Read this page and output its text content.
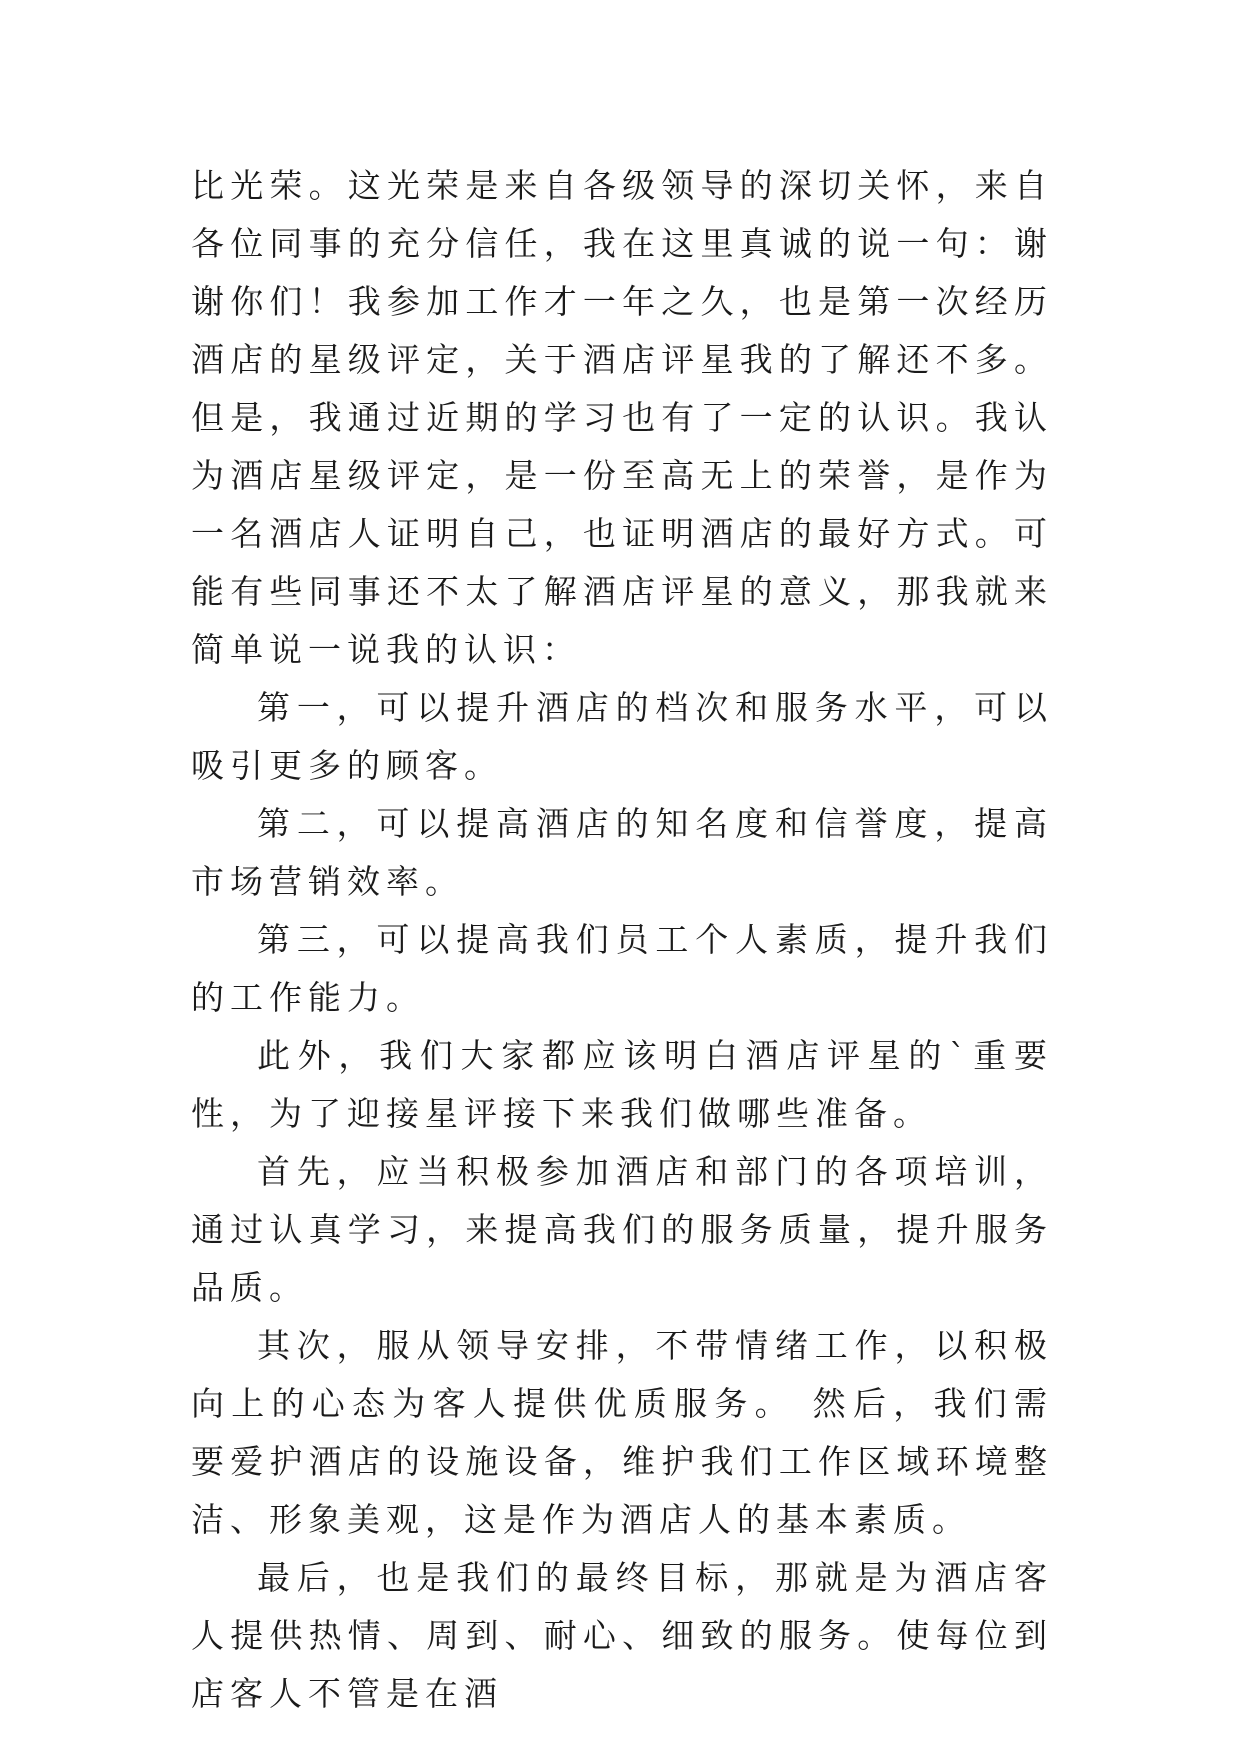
比光荣。这光荣是来自各级领导的深切关怀，来自各位同事的充分信任，我在这里真诚的说一句：谢谢你们！我参加工作才一年之久，也是第一次经历酒店的星级评定，关于酒店评星我的了解还不多。但是，我通过近期的学习也有了一定的认识。我认为酒店星级评定，是一份至高无上的荣誉，是作为一名酒店人证明自己，也证明酒店的最好方式。可能有些同事还不太了解酒店评星的意义，那我就来简单说一说我的认识：

第一，可以提升酒店的档次和服务水平，可以吸引更多的顾客。

第二，可以提高酒店的知名度和信誉度，提高市场营销效率。

第三，可以提高我们员工个人素质，提升我们的工作能力。

此外，我们大家都应该明白酒店评星的`重要性，为了迎接星评接下来我们做哪些准备。

首先，应当积极参加酒店和部门的各项培训，通过认真学习，来提高我们的服务质量，提升服务品质。

其次，服从领导安排，不带情绪工作，以积极向上的心态为客人提供优质服务。 然后，我们需要爱护酒店的设施设备，维护我们工作区域环境整洁、形象美观，这是作为酒店人的基本素质。

最后，也是我们的最终目标，那就是为酒店客人提供热情、周到、耐心、细致的服务。使每位到店客人不管是在酒
